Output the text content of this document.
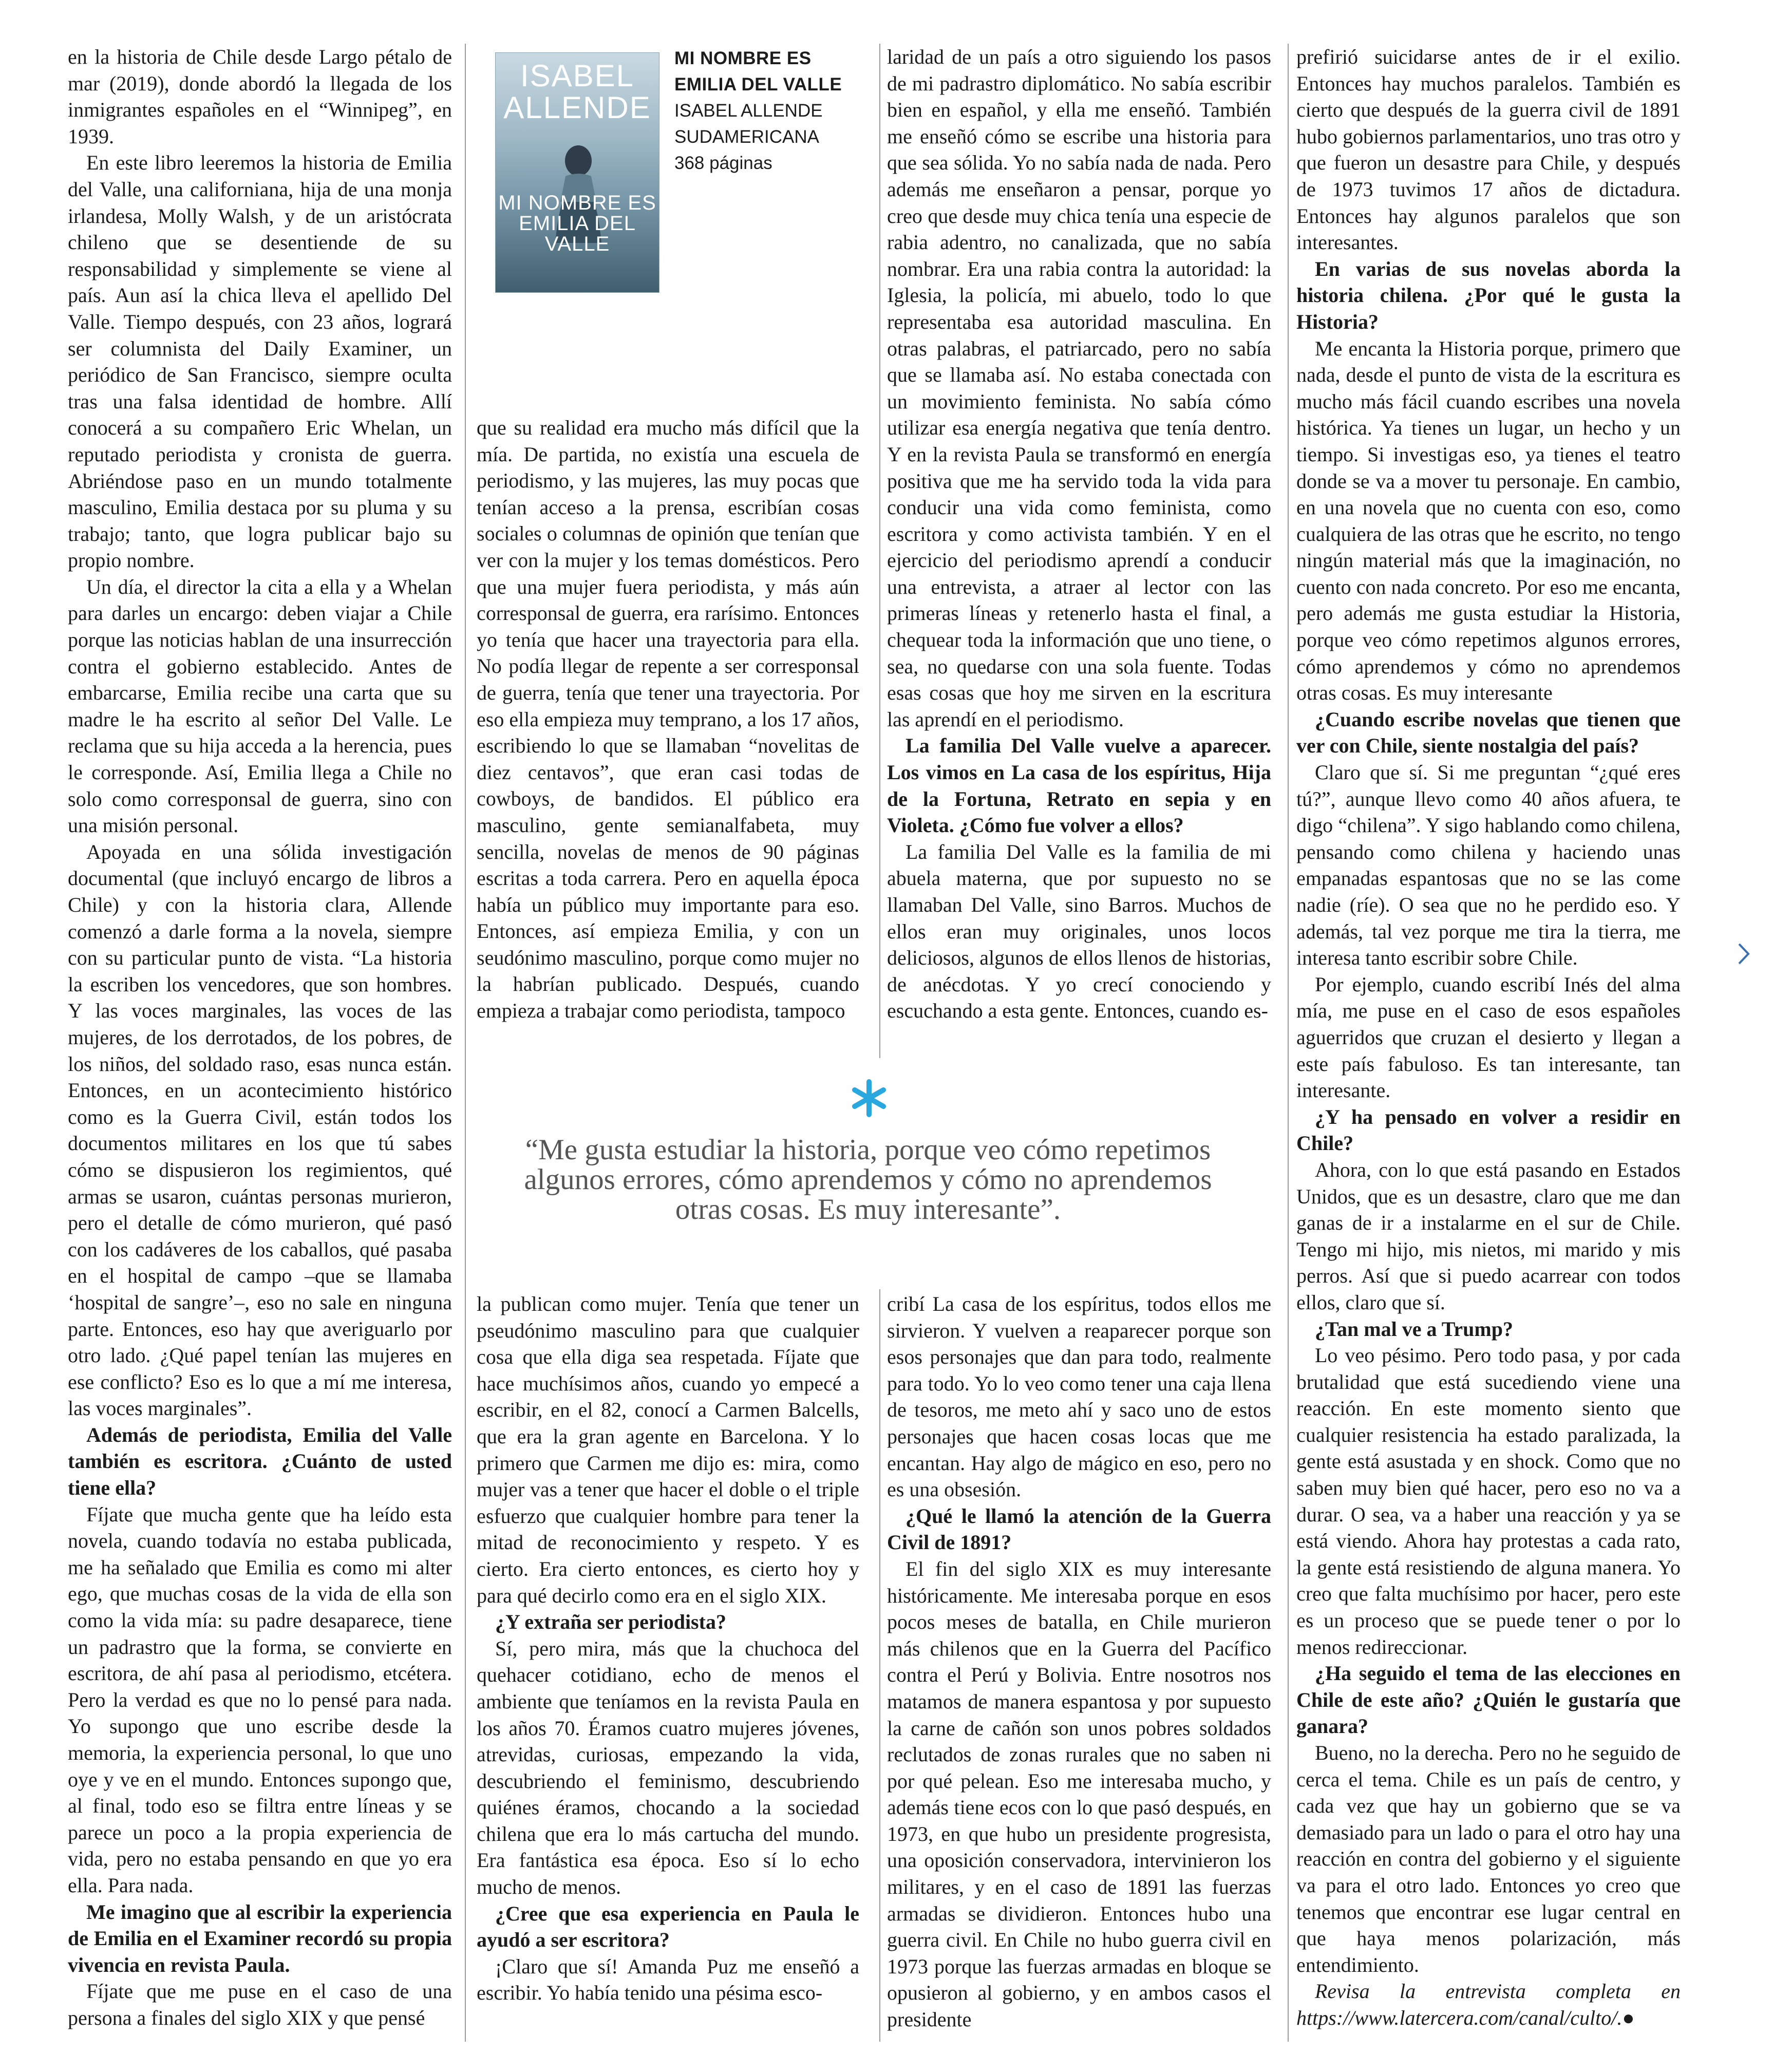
en la historia de Chile desde Largo pétalo de mar (2019), donde abordó la llegada de los inmigrantes españoles en el “Winnipeg”, en 1939.

En este libro leeremos la historia de Emilia del Valle, una californiana, hija de una monja irlandesa, Molly Walsh, y de un aristócrata chileno que se desentiende de su responsabilidad y simplemente se viene al país. Aun así la chica lleva el apellido Del Valle. Tiempo después, con 23 años, logrará ser columnista del Daily Examiner, un periódico de San Francisco, siempre oculta tras una falsa identidad de hombre. Allí conocerá a su compañero Eric Whelan, un reputado periodista y cronista de guerra. Abriéndose paso en un mundo totalmente masculino, Emilia destaca por su pluma y su trabajo; tanto, que logra publicar bajo su propio nombre.

Un día, el director la cita a ella y a Whelan para darles un encargo: deben viajar a Chile porque las noticias hablan de una insurrección contra el gobierno establecido. Antes de embarcarse, Emilia recibe una carta que su madre le ha escrito al señor Del Valle. Le reclama que su hija acceda a la herencia, pues le corresponde. Así, Emilia llega a Chile no solo como corresponsal de guerra, sino con una misión personal.

Apoyada en una sólida investigación documental (que incluyó encargo de libros a Chile) y con la historia clara, Allende comenzó a darle forma a la novela, siempre con su particular punto de vista. “La historia la escriben los vencedores, que son hombres. Y las voces marginales, las voces de las mujeres, de los derrotados, de los pobres, de los niños, del soldado raso, esas nunca están. Entonces, en un acontecimiento histórico como es la Guerra Civil, están todos los documentos militares en los que tú sabes cómo se dispusieron los regimientos, qué armas se usaron, cuántas personas murieron, pero el detalle de cómo murieron, qué pasó con los cadáveres de los caballos, qué pasaba en el hospital de campo –que se llamaba ‘hospital de sangre’–, eso no sale en ninguna parte. Entonces, eso hay que averiguarlo por otro lado. ¿Qué papel tenían las mujeres en ese conflicto? Eso es lo que a mí me interesa, las voces marginales”.

Además de periodista, Emilia del Valle también es escritora. ¿Cuánto de usted tiene ella?

Fíjate que mucha gente que ha leído esta novela, cuando todavía no estaba publicada, me ha señalado que Emilia es como mi alter ego, que muchas cosas de la vida de ella son como la vida mía: su padre desaparece, tiene un padrastro que la forma, se convierte en escritora, de ahí pasa al periodismo, etcétera. Pero la verdad es que no lo pensé para nada. Yo supongo que uno escribe desde la memoria, la experiencia personal, lo que uno oye y ve en el mundo. Entonces supongo que, al final, todo eso se filtra entre líneas y se parece un poco a la propia experiencia de vida, pero no estaba pensando en que yo era ella. Para nada.

Me imagino que al escribir la experiencia de Emilia en el Examiner recordó su propia vivencia en revista Paula.

Fíjate que me puse en el caso de una persona a finales del siglo XIX y que pensé

ISABEL ALLENDE
MI NOMBRE ES EMILIA DEL VALLE
MI NOMBRE ES EMILIA DEL VALLE
ISABEL ALLENDE
SUDAMERICANA
368 páginas

que su realidad era mucho más difícil que la mía. De partida, no existía una escuela de periodismo, y las mujeres, las muy pocas que tenían acceso a la prensa, escribían cosas sociales o columnas de opinión que tenían que ver con la mujer y los temas domésticos. Pero que una mujer fuera periodista, y más aún corresponsal de guerra, era rarísimo. Entonces yo tenía que hacer una trayectoria para ella. No podía llegar de repente a ser corresponsal de guerra, tenía que tener una trayectoria. Por eso ella empieza muy temprano, a los 17 años, escribiendo lo que se llamaban “novelitas de diez centavos”, que eran casi todas de cowboys, de bandidos. El público era masculino, gente semianalfabeta, muy sencilla, novelas de menos de 90 páginas escritas a toda carrera. Pero en aquella época había un público muy importante para eso. Entonces, así empieza Emilia, y con un seudónimo masculino, porque como mujer no la habrían publicado. Después, cuando empieza a trabajar como periodista, tampoco

laridad de un país a otro siguiendo los pasos de mi padrastro diplomático. No sabía escribir bien en español, y ella me enseñó. También me enseñó cómo se escribe una historia para que sea sólida. Yo no sabía nada de nada. Pero además me enseñaron a pensar, porque yo creo que desde muy chica tenía una especie de rabia adentro, no canalizada, que no sabía nombrar. Era una rabia contra la autoridad: la Iglesia, la policía, mi abuelo, todo lo que representaba esa autoridad masculina. En otras palabras, el patriarcado, pero no sabía que se llamaba así. No estaba conectada con un movimiento feminista. No sabía cómo utilizar esa energía negativa que tenía dentro. Y en la revista Paula se transformó en energía positiva que me ha servido toda la vida para conducir una vida como feminista, como escritora y como activista también. Y en el ejercicio del periodismo aprendí a conducir una entrevista, a atraer al lector con las primeras líneas y retenerlo hasta el final, a chequear toda la información que uno tiene, o sea, no quedarse con una sola fuente. Todas esas cosas que hoy me sirven en la escritura las aprendí en el periodismo.

La familia Del Valle vuelve a aparecer. Los vimos en La casa de los espíritus, Hija de la Fortuna, Retrato en sepia y en Violeta. ¿Cómo fue volver a ellos?

La familia Del Valle es la familia de mi abuela materna, que por supuesto no se llamaban Del Valle, sino Barros. Muchos de ellos eran muy originales, unos locos deliciosos, algunos de ellos llenos de historias, de anécdotas. Y yo crecí conociendo y escuchando a esta gente. Entonces, cuando es-

“Me gusta estudiar la historia, porque veo cómo repetimos algunos errores, cómo aprendemos y cómo no aprendemos otras cosas. Es muy interesante”.

la publican como mujer. Tenía que tener un pseudónimo masculino para que cualquier cosa que ella diga sea respetada. Fíjate que hace muchísimos años, cuando yo empecé a escribir, en el 82, conocí a Carmen Balcells, que era la gran agente en Barcelona. Y lo primero que Carmen me dijo es: mira, como mujer vas a tener que hacer el doble o el triple esfuerzo que cualquier hombre para tener la mitad de reconocimiento y respeto. Y es cierto. Era cierto entonces, es cierto hoy y para qué decirlo como era en el siglo XIX.

¿Y extraña ser periodista?

Sí, pero mira, más que la chuchoca del quehacer cotidiano, echo de menos el ambiente que teníamos en la revista Paula en los años 70. Éramos cuatro mujeres jóvenes, atrevidas, curiosas, empezando la vida, descubriendo el feminismo, descubriendo quiénes éramos, chocando a la sociedad chilena que era lo más cartucha del mundo. Era fantástica esa época. Eso sí lo echo mucho de menos.

¿Cree que esa experiencia en Paula le ayudó a ser escritora?

¡Claro que sí! Amanda Puz me enseñó a escribir. Yo había tenido una pésima esco-

cribí La casa de los espíritus, todos ellos me sirvieron. Y vuelven a reaparecer porque son esos personajes que dan para todo, realmente para todo. Yo lo veo como tener una caja llena de tesoros, me meto ahí y saco uno de estos personajes que hacen cosas locas que me encantan. Hay algo de mágico en eso, pero no es una obsesión.

¿Qué le llamó la atención de la Guerra Civil de 1891?

El fin del siglo XIX es muy interesante históricamente. Me interesaba porque en esos pocos meses de batalla, en Chile murieron más chilenos que en la Guerra del Pacífico contra el Perú y Bolivia. Entre nosotros nos matamos de manera espantosa y por supuesto la carne de cañón son unos pobres soldados reclutados de zonas rurales que no saben ni por qué pelean. Eso me interesaba mucho, y además tiene ecos con lo que pasó después, en 1973, en que hubo un presidente progresista, una oposición conservadora, intervinieron los militares, y en el caso de 1891 las fuerzas armadas se dividieron. Entonces hubo una guerra civil. En Chile no hubo guerra civil en 1973 porque las fuerzas armadas en bloque se opusieron al gobierno, y en ambos casos el presidente

prefirió suicidarse antes de ir el exilio. Entonces hay muchos paralelos. También es cierto que después de la guerra civil de 1891 hubo gobiernos parlamentarios, uno tras otro y que fueron un desastre para Chile, y después de 1973 tuvimos 17 años de dictadura. Entonces hay algunos paralelos que son interesantes.

En varias de sus novelas aborda la historia chilena. ¿Por qué le gusta la Historia?

Me encanta la Historia porque, primero que nada, desde el punto de vista de la escritura es mucho más fácil cuando escribes una novela histórica. Ya tienes un lugar, un hecho y un tiempo. Si investigas eso, ya tienes el teatro donde se va a mover tu personaje. En cambio, en una novela que no cuenta con eso, como cualquiera de las otras que he escrito, no tengo ningún material más que la imaginación, no cuento con nada concreto. Por eso me encanta, pero además me gusta estudiar la Historia, porque veo cómo repetimos algunos errores, cómo aprendemos y cómo no aprendemos otras cosas. Es muy interesante

¿Cuando escribe novelas que tienen que ver con Chile, siente nostalgia del país?

Claro que sí. Si me preguntan “¿qué eres tú?”, aunque llevo como 40 años afuera, te digo “chilena”. Y sigo hablando como chilena, pensando como chilena y haciendo unas empanadas espantosas que no se las come nadie (ríe). O sea que no he perdido eso. Y además, tal vez porque me tira la tierra, me interesa tanto escribir sobre Chile.

Por ejemplo, cuando escribí Inés del alma mía, me puse en el caso de esos españoles aguerridos que cruzan el desierto y llegan a este país fabuloso. Es tan interesante, tan interesante.

¿Y ha pensado en volver a residir en Chile?

Ahora, con lo que está pasando en Estados Unidos, que es un desastre, claro que me dan ganas de ir a instalarme en el sur de Chile. Tengo mi hijo, mis nietos, mi marido y mis perros. Así que si puedo acarrear con todos ellos, claro que sí.

¿Tan mal ve a Trump?

Lo veo pésimo. Pero todo pasa, y por cada brutalidad que está sucediendo viene una reacción. En este momento siento que cualquier resistencia ha estado paralizada, la gente está asustada y en shock. Como que no saben muy bien qué hacer, pero eso no va a durar. O sea, va a haber una reacción y ya se está viendo. Ahora hay protestas a cada rato, la gente está resistiendo de alguna manera. Yo creo que falta muchísimo por hacer, pero este es un proceso que se puede tener o por lo menos redireccionar.

¿Ha seguido el tema de las elecciones en Chile de este año? ¿Quién le gustaría que ganara?

Bueno, no la derecha. Pero no he seguido de cerca el tema. Chile es un país de centro, y cada vez que hay un gobierno que se va demasiado para un lado o para el otro hay una reacción en contra del gobierno y el siguiente va para el otro lado. Entonces yo creo que tenemos que encontrar ese lugar central en que haya menos polarización, más entendimiento.

Revisa la entrevista completa en https://www.latercera.com/canal/culto/.●
